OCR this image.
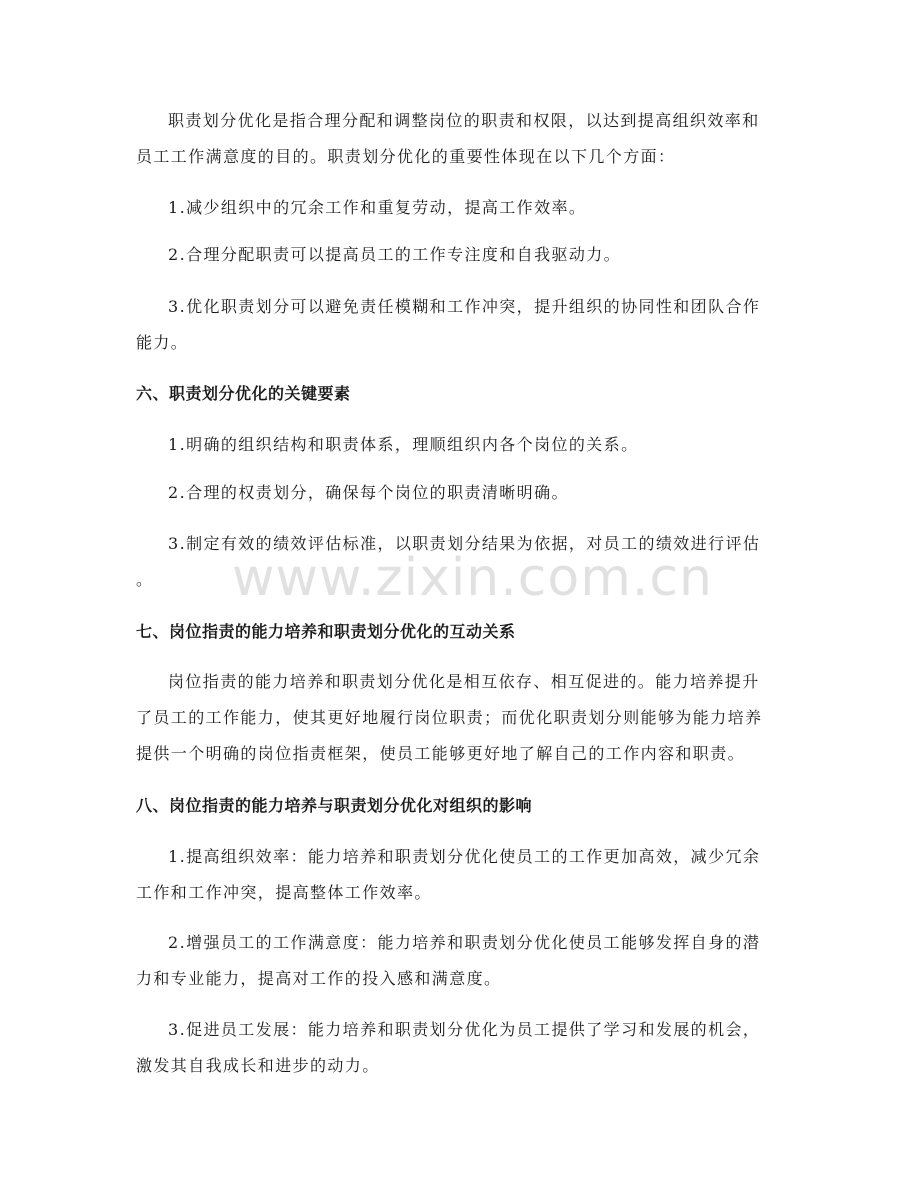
职责划分优化是指合理分配和调整岗位的职责和权限，以达到提高组织效率和
员工工作满意度的目的。职责划分优化的重要性体现在以下几个方面：
1.减少组织中的冗余工作和重复劳动，提高工作效率。
2.合理分配职责可以提高员工的工作专注度和自我驱动力。
3.优化职责划分可以避免责任模糊和工作冲突，提升组织的协同性和团队合作
能力。
六、职责划分优化的关键要素
1.明确的组织结构和职责体系，理顺组织内各个岗位的关系。
2.合理的权责划分，确保每个岗位的职责清晰明确。
3.制定有效的绩效评估标准，以职责划分结果为依据，对员工的绩效进行评估
。
七、岗位指责的能力培养和职责划分优化的互动关系
岗位指责的能力培养和职责划分优化是相互依存、相互促进的。能力培养提升
了员工的工作能力，使其更好地履行岗位职责；而优化职责划分则能够为能力培养
提供一个明确的岗位指责框架，使员工能够更好地了解自己的工作内容和职责。
八、岗位指责的能力培养与职责划分优化对组织的影响
1.提高组织效率：能力培养和职责划分优化使员工的工作更加高效，减少冗余
工作和工作冲突，提高整体工作效率。
2.增强员工的工作满意度：能力培养和职责划分优化使员工能够发挥自身的潜
力和专业能力，提高对工作的投入感和满意度。
3.促进员工发展：能力培养和职责划分优化为员工提供了学习和发展的机会，
激发其自我成长和进步的动力。
www.zixin.com.cn
